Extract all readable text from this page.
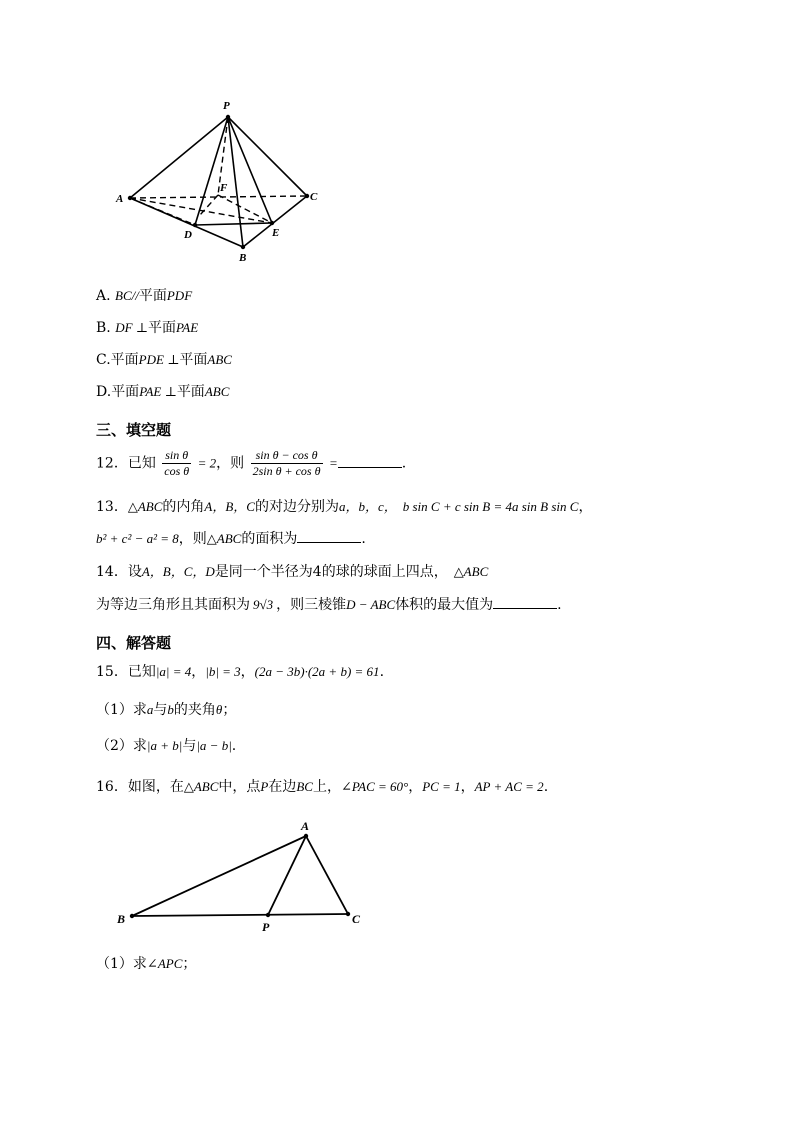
P
A	C
F
D	E
B
A. BC//平面PDF
B. DF ⊥平面PAE
C.平面PDE ⊥平面ABC
D.平面PAE ⊥平面ABC
三、填空题
12．已知 $\frac{\text{sin θ}}{\text{cos θ}} = 2$，则 $\frac{\text{sin θ − cos θ}}{\text{2sin θ + cos θ}}$ =	.
13．△ABC的内角A，B，C的对边分别为a，b，c， b sin C + c sin B = 4a sin B sin C，
b² + c² − a² = 8，则△ABC的面积为	.
14．设A，B，C，D是同一个半径为4的球的球面上四点， △ABC
为等边三角形且其面积为 9√3 ，则三棱锥D − ABC体积的最大值为	.
四、解答题
15．已知|a| = 4，|b| = 3，(2a − 3b)·(2a + b) = 61.
（1）求a与b的夹角θ；
（2）求|a + b|与|a − b|.
16．如图，在△ABC中，点P在边BC上，∠PAC = 60°，PC = 1，AP + AC = 2.
A
B
P
C
（1）求∠APC；
